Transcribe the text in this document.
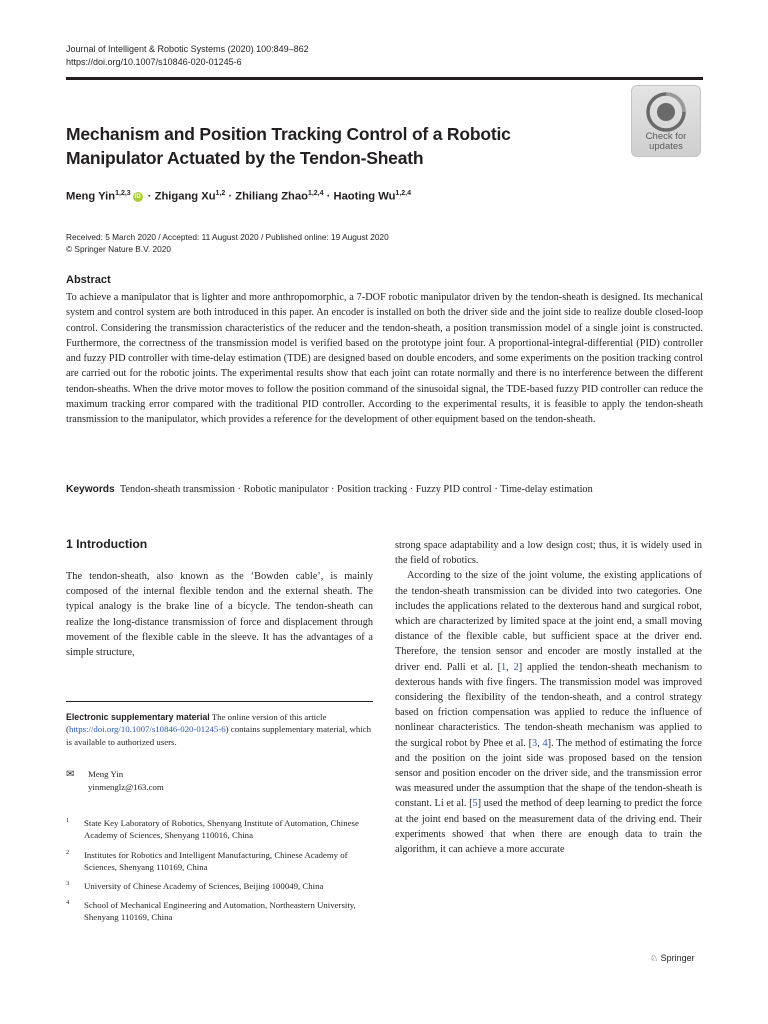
Journal of Intelligent & Robotic Systems (2020) 100:849–862
https://doi.org/10.1007/s10846-020-01245-6
Check for
updates
Mechanism and Position Tracking Control of a Robotic Manipulator Actuated by the Tendon-Sheath
Meng Yin$^{1,2,3}$ iD · Zhigang Xu$^{1,2}$ · Zhiliang Zhao$^{1,2,4}$ · Haoting Wu$^{1,2,4}$
Received: 5 March 2020 / Accepted: 11 August 2020 / Published online: 19 August 2020
© Springer Nature B.V. 2020
Abstract
To achieve a manipulator that is lighter and more anthropomorphic, a 7-DOF robotic manipulator driven by the tendon-sheath is designed. Its mechanical system and control system are both introduced in this paper. An encoder is installed on both the driver side and the joint side to realize double closed-loop control. Considering the transmission characteristics of the reducer and the tendon-sheath, a position transmission model of a single joint is constructed. Furthermore, the correctness of the transmission model is verified based on the prototype joint four. A proportional-integral-differential (PID) controller and fuzzy PID controller with time-delay estimation (TDE) are designed based on double encoders, and some experiments on the position tracking control are carried out for the robotic joints. The experimental results show that each joint can rotate normally and there is no interference between the different tendon-sheaths. When the drive motor moves to follow the position command of the sinusoidal signal, the TDE-based fuzzy PID controller can reduce the maximum tracking error compared with the traditional PID controller. According to the experimental results, it is feasible to apply the tendon-sheath transmission to the manipulator, which provides a reference for the development of other equipment based on the tendon-sheath.
Keywords Tendon-sheath transmission · Robotic manipulator · Position tracking · Fuzzy PID control · Time-delay estimation
1 Introduction

The tendon-sheath, also known as the ‘Bowden cable’, is mainly composed of the internal flexible tendon and the external sheath. The typical analogy is the brake line of a bicycle. The tendon-sheath can realize the long-distance transmission of force and displacement through movement of the flexible cable in the sleeve. It has the advantages of a simple structure,

Electronic supplementary material The online version of this article (https://doi.org/10.1007/s10846-020-01245-6) contains supplementary material, which is available to authorized users.
✉ Meng Yin
yinmenglz@163.com
1 State Key Laboratory of Robotics, Shenyang Institute of Automation, Chinese Academy of Sciences, Shenyang 110016, China
2 Institutes for Robotics and Intelligent Manufacturing, Chinese Academy of Sciences, Shenyang 110169, China
3 University of Chinese Academy of Sciences, Beijing 100049, China
4 School of Mechanical Engineering and Automation, Northeastern University, Shenyang 110169, China

strong space adaptability and a low design cost; thus, it is widely used in the field of robotics.

According to the size of the joint volume, the existing applications of the tendon-sheath transmission can be divided into two categories. One includes the applications related to the dexterous hand and surgical robot, which are characterized by limited space at the joint end, a small moving distance of the flexible cable, but sufficient space at the driver end. Therefore, the tension sensor and encoder are mostly installed at the driver end. Palli et al. [1, 2] applied the tendon-sheath mechanism to dexterous hands with five fingers. The transmission model was improved considering the flexibility of the tendon-sheath, and a control strategy based on friction compensation was applied to reduce the influence of nonlinear characteristics. The tendon-sheath mechanism was applied to the surgical robot by Phee et al. [3, 4]. The method of estimating the force and the position on the joint side was proposed based on the tension sensor and position encoder on the driver side, and the transmission error was measured under the assumption that the shape of the tendon-sheath is constant. Li et al. [5] used the method of deep learning to predict the force at the joint end based on the measurement data of the driving end. Their experiments showed that when there are enough data to train the algorithm, it can achieve a more accurate

♘ Springer
